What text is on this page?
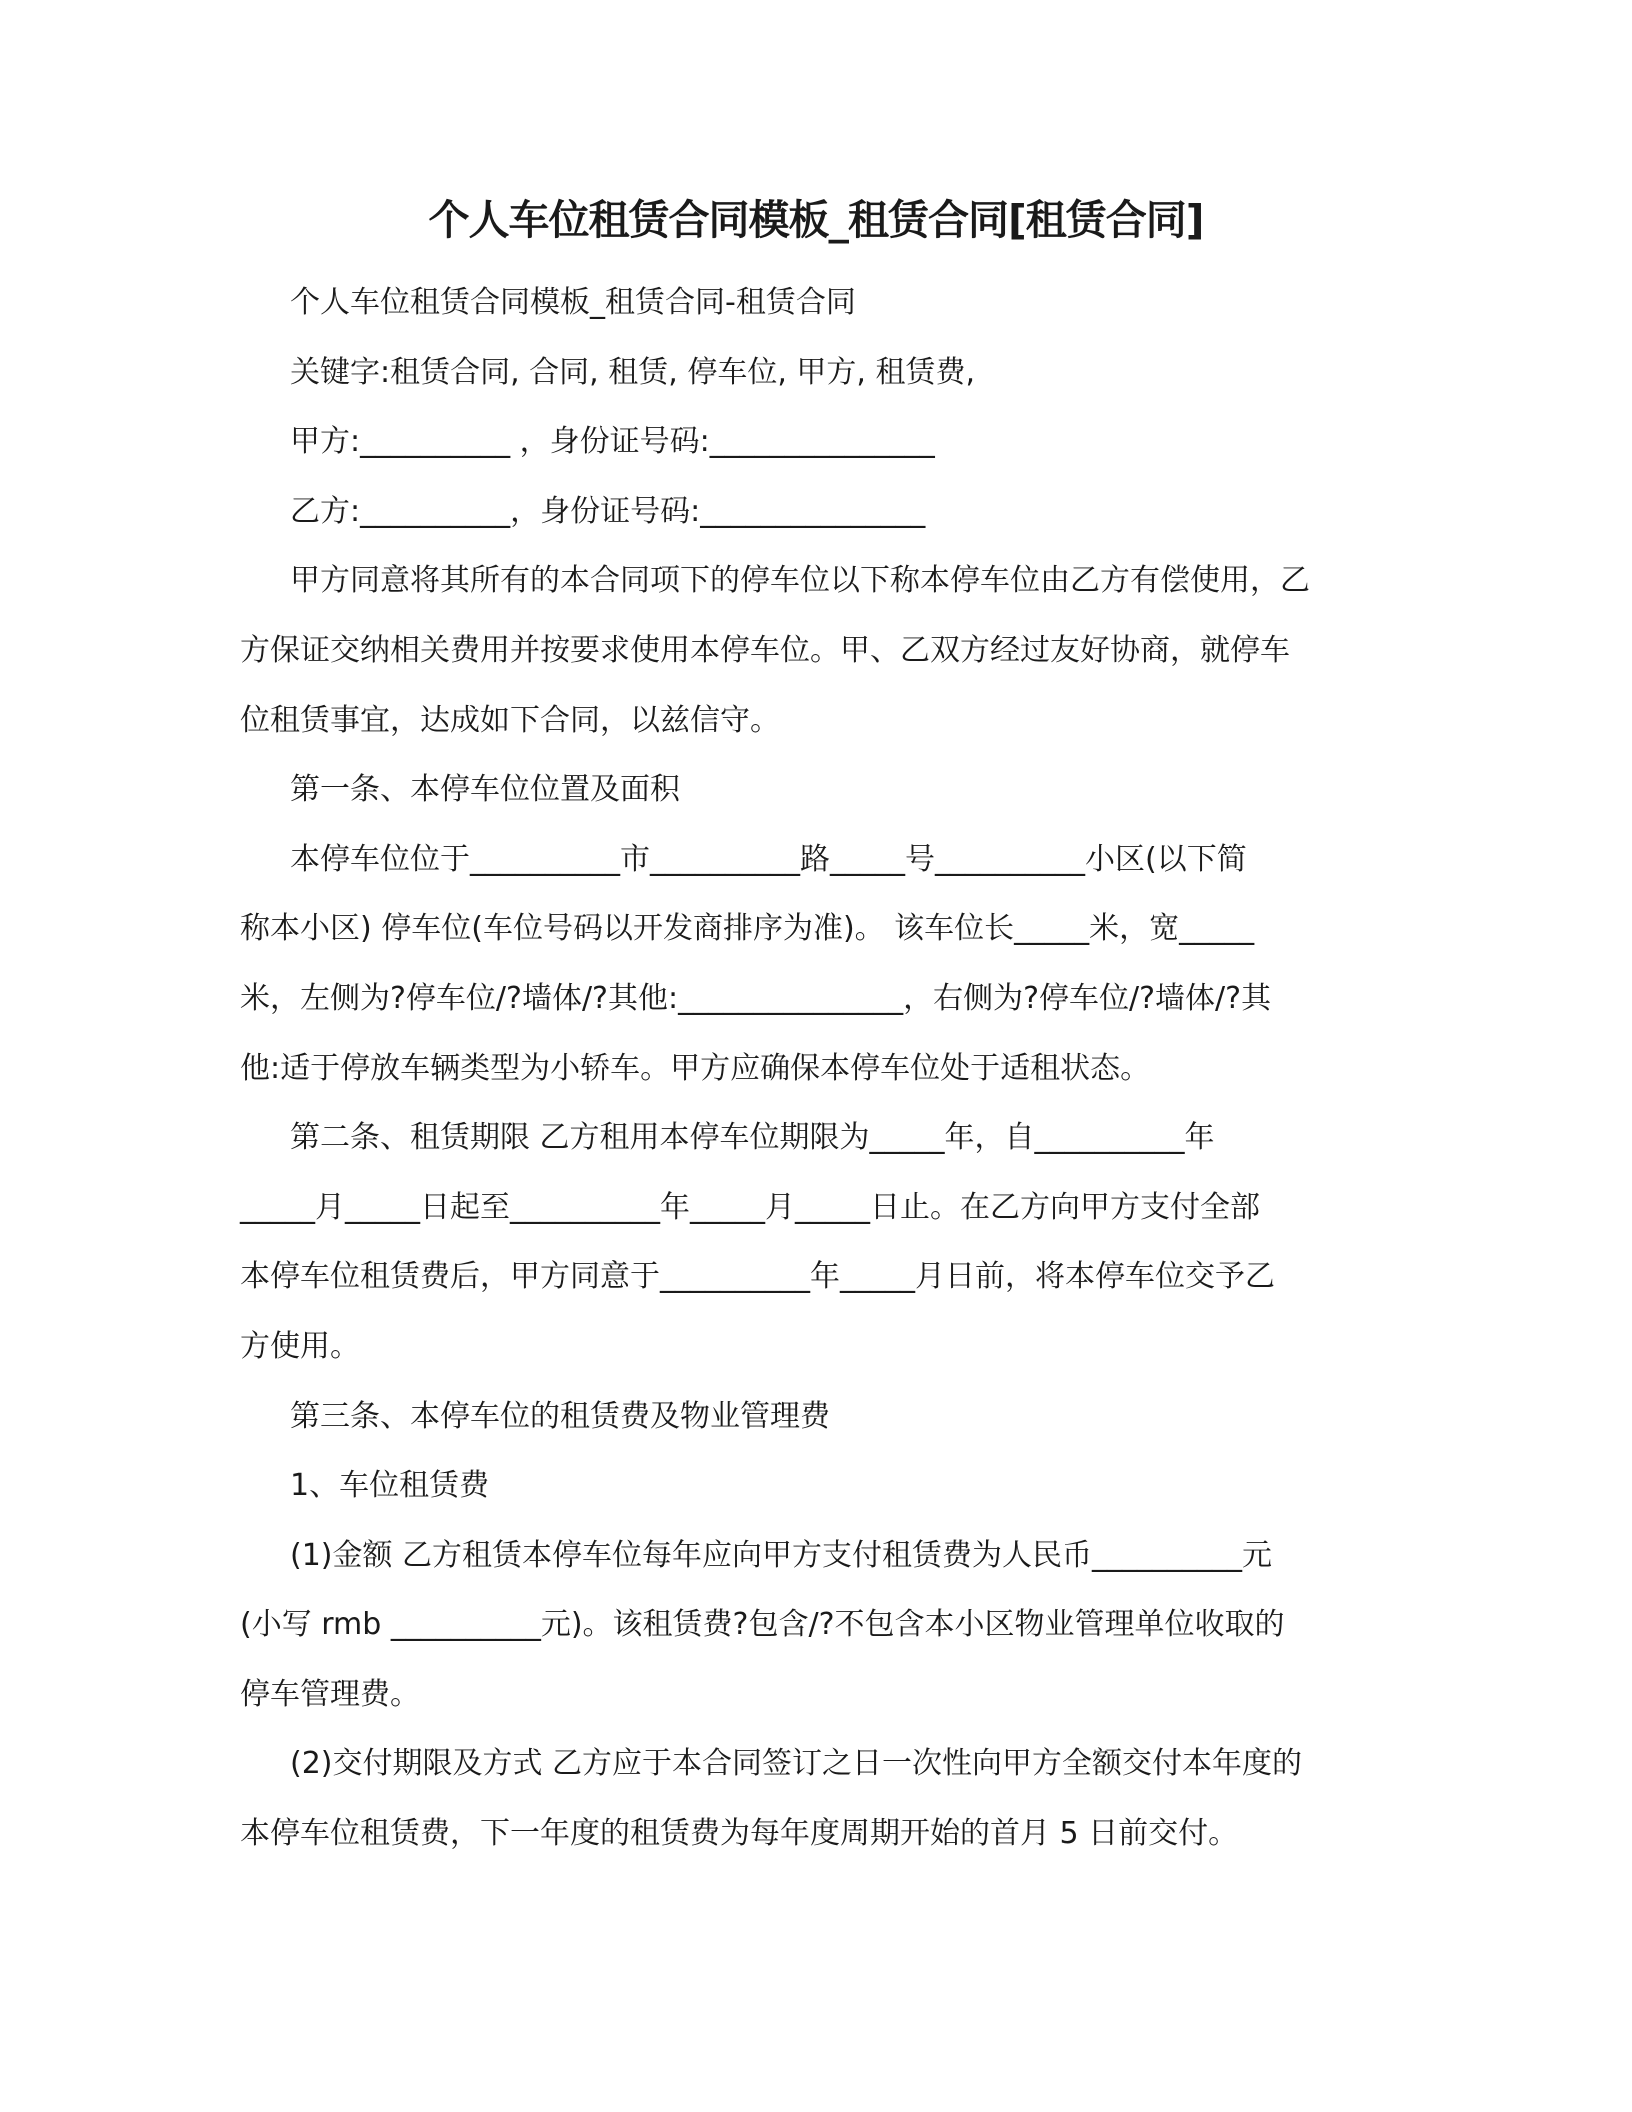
个人车位租赁合同模板_租赁合同[租赁合同]
个人车位租赁合同模板_租赁合同-租赁合同
关键字:租赁合同, 合同, 租赁, 停车位, 甲方, 租赁费,
甲方:__________ ，身份证号码:_______________
乙方:__________，身份证号码:_______________
甲方同意将其所有的本合同项下的停车位以下称本停车位由乙方有偿使用，乙
方保证交纳相关费用并按要求使用本停车位。甲、乙双方经过友好协商，就停车
位租赁事宜，达成如下合同，以兹信守。
第一条、本停车位位置及面积
本停车位位于__________市__________路_____号__________小区(以下简
称本小区) 停车位(车位号码以开发商排序为准)。 该车位长_____米，宽_____
米，左侧为?停车位/?墙体/?其他:_______________，右侧为?停车位/?墙体/?其
他:适于停放车辆类型为小轿车。甲方应确保本停车位处于适租状态。
第二条、租赁期限 乙方租用本停车位期限为_____年，自__________年
_____月_____日起至__________年_____月_____日止。在乙方向甲方支付全部
本停车位租赁费后，甲方同意于__________年_____月日前，将本停车位交予乙
方使用。
第三条、本停车位的租赁费及物业管理费
1、车位租赁费
(1)金额 乙方租赁本停车位每年应向甲方支付租赁费为人民币__________元
(小写 rmb __________元)。该租赁费?包含/?不包含本小区物业管理单位收取的
停车管理费。
(2)交付期限及方式 乙方应于本合同签订之日一次性向甲方全额交付本年度的
本停车位租赁费，下一年度的租赁费为每年度周期开始的首月 5 日前交付。
